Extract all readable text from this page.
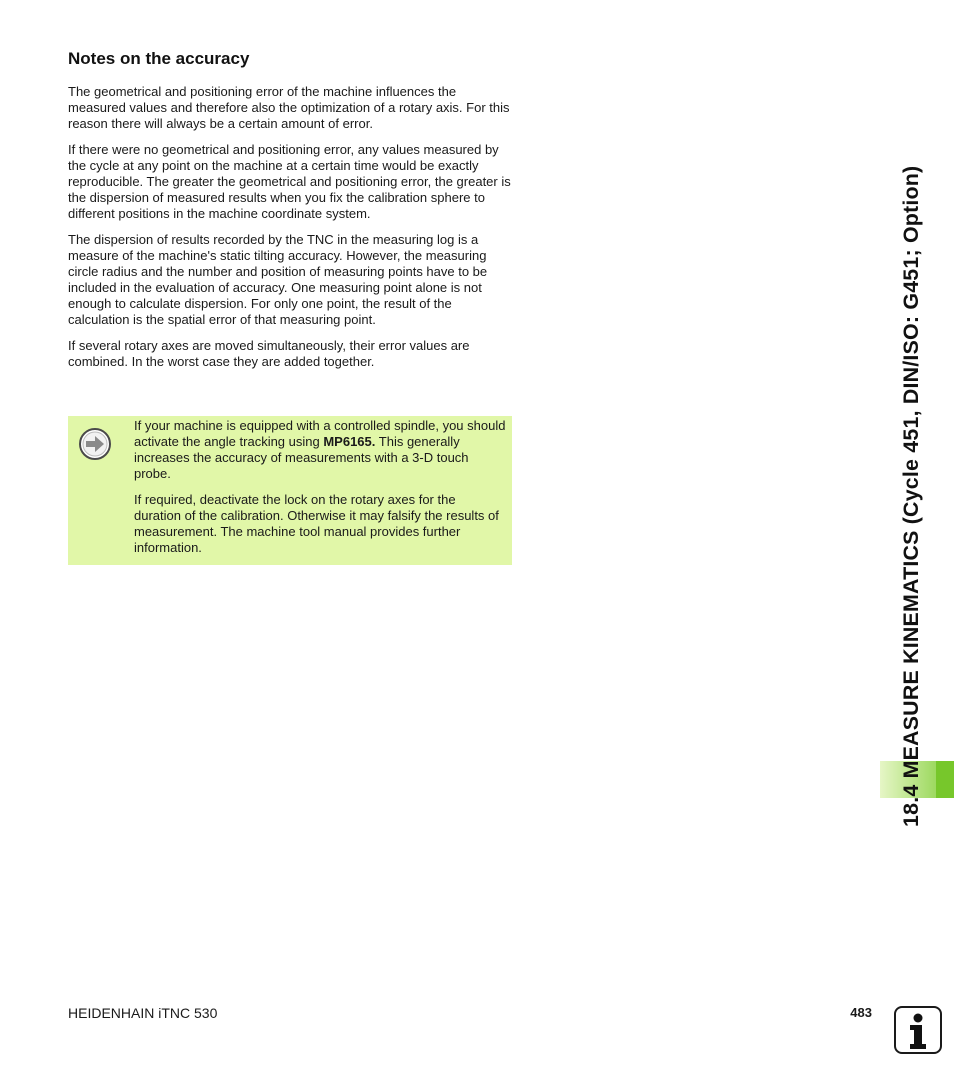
Notes on the accuracy

The geometrical and positioning error of the machine influences the measured values and therefore also the optimization of a rotary axis. For this reason there will always be a certain amount of error.

If there were no geometrical and positioning error, any values measured by the cycle at any point on the machine at a certain time would be exactly reproducible. The greater the geometrical and positioning error, the greater is the dispersion of measured results when you fix the calibration sphere to different positions in the machine coordinate system.

The dispersion of results recorded by the TNC in the measuring log is a measure of the machine's static tilting accuracy. However, the measuring circle radius and the number and position of measuring points have to be included in the evaluation of accuracy. One measuring point alone is not enough to calculate dispersion. For only one point, the result of the calculation is the spatial error of that measuring point.

If several rotary axes are moved simultaneously, their error values are combined. In the worst case they are added together.

If your machine is equipped with a controlled spindle, you should activate the angle tracking using MP6165. This generally increases the accuracy of measurements with a 3-D touch probe.

If required, deactivate the lock on the rotary axes for the duration of the calibration. Otherwise it may falsify the results of measurement. The machine tool manual provides further information.	18.4 MEASURE KINEMATICS (Cycle 451, DIN/ISO: G451; Option)
HEIDENHAIN iTNC 530	483
